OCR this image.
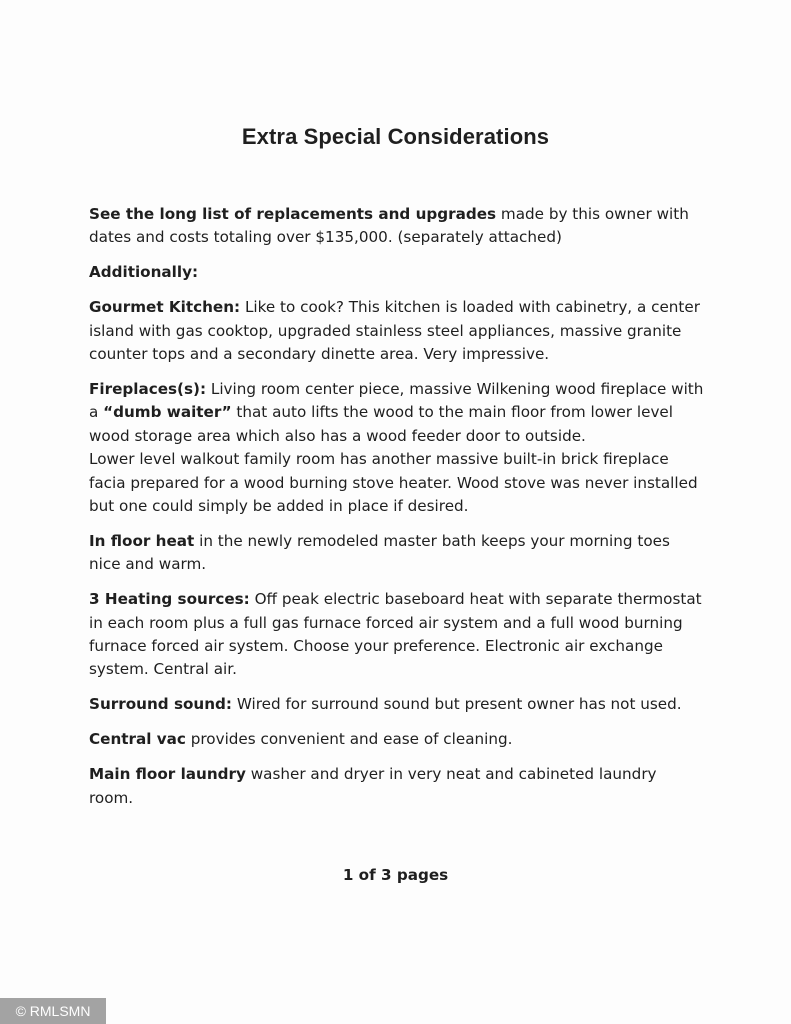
Extra Special Considerations

See the long list of replacements and upgrades made by this owner with dates and costs totaling over $135,000. (separately attached)

Additionally:

Gourmet Kitchen: Like to cook? This kitchen is loaded with cabinetry, a center island with gas cooktop, upgraded stainless steel appliances, massive granite counter tops and a secondary dinette area. Very impressive.

Fireplaces(s): Living room center piece, massive Wilkening wood fireplace with a “dumb waiter” that auto lifts the wood to the main floor from lower level wood storage area which also has a wood feeder door to outside.
Lower level walkout family room has another massive built-in brick fireplace facia prepared for a wood burning stove heater. Wood stove was never installed but one could simply be added in place if desired.

In floor heat in the newly remodeled master bath keeps your morning toes nice and warm.

3 Heating sources: Off peak electric baseboard heat with separate thermostat in each room plus a full gas furnace forced air system and a full wood burning furnace forced air system. Choose your preference. Electronic air exchange system. Central air.

Surround sound: Wired for surround sound but present owner has not used.

Central vac provides convenient and ease of cleaning.

Main floor laundry washer and dryer in very neat and cabineted laundry room.

1 of 3 pages
© RMLSMN
